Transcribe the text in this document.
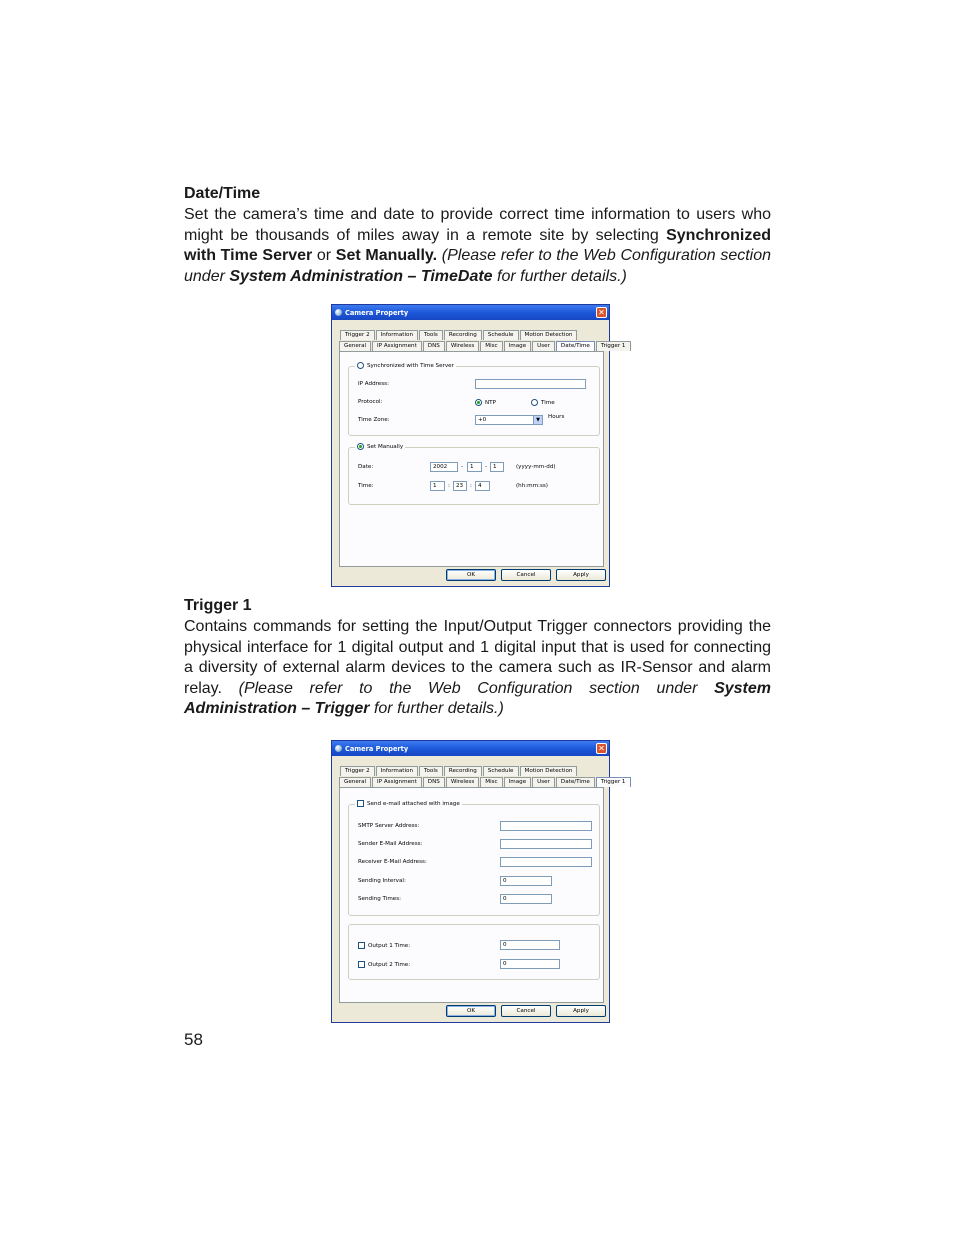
Date/Time
Set the camera’s time and date to provide correct time information to users who might be thousands of miles away in a remote site by selecting Synchronized with Time Server or Set Manually. (Please refer to the Web Configuration section under System Administration – TimeDate for further details.)
Camera Property	✕
Trigger 2	Information	Tools	Recording	Schedule	Motion Detection
General	IP Assignment	DNS	Wireless	Misc	Image	User	Date/Time	Trigger 1
Synchronized with Time Server
IP Address:
Protocol:	NTP	Time
Time Zone:	+0	▼	Hours
Set Manually
Date:	2002	-	1	-	1	(yyyy-mm-dd)
Time:	1	:	23	:	4	(hh:mm:ss)
OK	Cancel	Apply
Trigger 1
Contains commands for setting the Input/Output Trigger connectors providing the physical interface for 1 digital output and 1 digital input that is used for connecting a diversity of external alarm devices to the camera such as IR-Sensor and alarm relay. (Please refer to the Web Configuration section under System Administration – Trigger for further details.)
Camera Property	✕
Trigger 2	Information	Tools	Recording	Schedule	Motion Detection
General	IP Assignment	DNS	Wireless	Misc	Image	User	Date/Time	Trigger 1
Send e-mail attached with image
SMTP Server Address:
Sender E-Mail Address:
Receiver E-Mail Address:
Sending Interval:	0
Sending Times:	0
Output 1 Time:	0
Output 2 Time:	0
OK	Cancel	Apply
58
